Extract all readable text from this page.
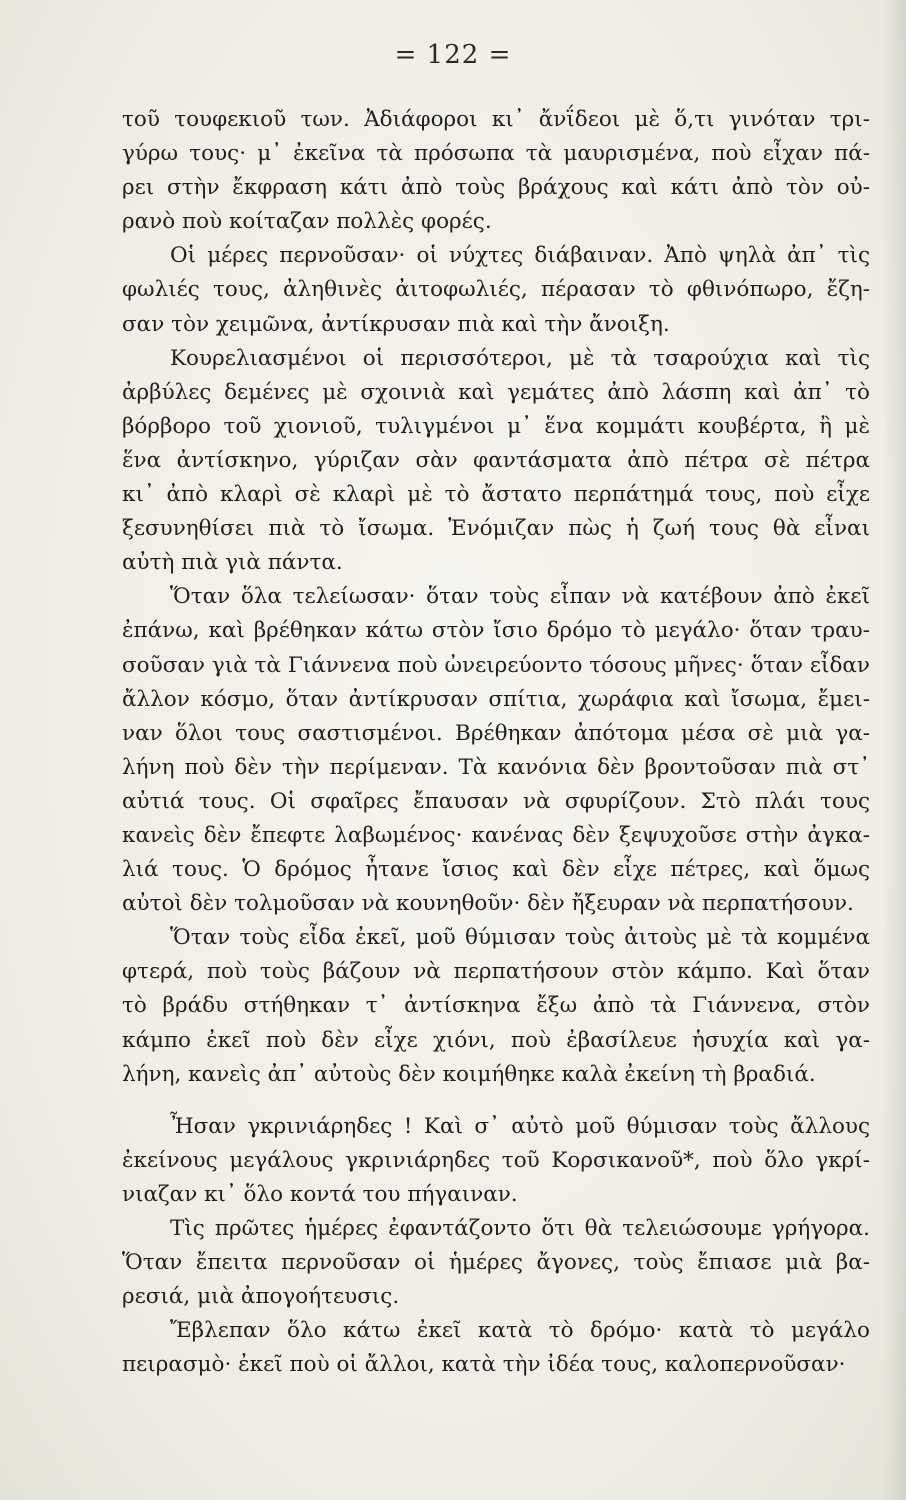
= 122 =
τοῦ τουφεκιοῦ των. Ἀδιάφοροι κι᾿ ἄνΐδεοι μὲ ὅ,τι γινόταν τρι-
γύρω τους· μ᾿ ἐκεῖνα τὰ πρόσωπα τὰ μαυρισμένα, ποὺ εἶχαν πά-
ρει στὴν ἔκφραση κάτι ἀπὸ τοὺς βράχους καὶ κάτι ἀπὸ τὸν οὐ-
ρανὸ ποὺ κοίταζαν πολλὲς φορές.
Οἱ μέρες περνοῦσαν· οἱ νύχτες διάβαιναν. Ἀπὸ ψηλὰ ἀπ᾿ τὶς
φωλιές τους, ἀληθινὲς ἀιτοφωλιές, πέρασαν τὸ φθινόπωρο, ἔζη-
σαν τὸν χειμῶνα, ἀντίκρυσαν πιὰ καὶ τὴν ἄνοιξη.
Κουρελιασμένοι οἱ περισσότεροι, μὲ τὰ τσαρούχια καὶ τὶς
ἀρβύλες δεμένες μὲ σχοινιὰ καὶ γεμάτες ἀπὸ λάσπη καὶ ἀπ᾿ τὸ
βόρβορο τοῦ χιονιοῦ, τυλιγμένοι μ᾿ ἕνα κομμάτι κουβέρτα, ἢ μὲ
ἕνα ἀντίσκηνο, γύριζαν σὰν φαντάσματα ἀπὸ πέτρα σὲ πέτρα
κι᾿ ἀπὸ κλαρὶ σὲ κλαρὶ μὲ τὸ ἄστατο περπάτημά τους, ποὺ εἶχε
ξεσυνηθίσει πιὰ τὸ ἴσωμα. Ἐνόμιζαν πὼς ἡ ζωή τους θὰ εἶναι
αὐτὴ πιὰ γιὰ πάντα.
Ὅταν ὅλα τελείωσαν· ὅταν τοὺς εἶπαν νὰ κατέβουν ἀπὸ ἐκεῖ
ἐπάνω, καὶ βρέθηκαν κάτω στὸν ἴσιο δρόμο τὸ μεγάλο· ὅταν τραυ-
σοῦσαν γιὰ τὰ Γιάννενα ποὺ ὠνειρεύοντο τόσους μῆνες· ὅταν εἶδαν
ἄλλον κόσμο, ὅταν ἀντίκρυσαν σπίτια, χωράφια καὶ ἴσωμα, ἔμει-
ναν ὅλοι τους σαστισμένοι. Βρέθηκαν ἀπότομα μέσα σὲ μιὰ γα-
λήνη ποὺ δὲν τὴν περίμεναν. Τὰ κανόνια δὲν βροντοῦσαν πιὰ στ᾿
αὐτιά τους. Οἱ σφαῖρες ἔπαυσαν νὰ σφυρίζουν. Στὸ πλάι τους
κανεὶς δὲν ἔπεφτε λαβωμένος· κανένας δὲν ξεψυχοῦσε στὴν ἀγκα-
λιά τους. Ὁ δρόμος ἦτανε ἴσιος καὶ δὲν εἶχε πέτρες, καὶ ὅμως
αὐτοὶ δὲν τολμοῦσαν νὰ κουνηθοῦν· δὲν ἤξευραν νὰ περπατήσουν.
Ὅταν τοὺς εἶδα ἐκεῖ, μοῦ θύμισαν τοὺς ἀιτοὺς μὲ τὰ κομμένα
φτερά, ποὺ τοὺς βάζουν νὰ περπατήσουν στὸν κάμπο. Καὶ ὅταν
τὸ βράδυ στήθηκαν τ᾿ ἀντίσκηνα ἔξω ἀπὸ τὰ Γιάννενα, στὸν
κάμπο ἐκεῖ ποὺ δὲν εἶχε χιόνι, ποὺ ἐβασίλευε ἡσυχία καὶ γα-
λήνη, κανεὶς ἀπ᾿ αὐτοὺς δὲν κοιμήθηκε καλὰ ἐκείνη τὴ βραδιά.
Ἦσαν γκρινιάρηδες ! Καὶ σ᾿ αὐτὸ μοῦ θύμισαν τοὺς ἄλλους
ἐκείνους μεγάλους γκρινιάρηδες τοῦ Κορσικανοῦ*, ποὺ ὅλο γκρί-
νιαζαν κι᾿ ὅλο κοντά του πήγαιναν.
Τὶς πρῶτες ἡμέρες ἐφαντάζοντο ὅτι θὰ τελειώσουμε γρήγορα.
Ὅταν ἔπειτα περνοῦσαν οἱ ἡμέρες ἄγονες, τοὺς ἔπιασε μιὰ βα-
ρεσιά, μιὰ ἀπογοήτευσις.
Ἔβλεπαν ὅλο κάτω ἐκεῖ κατὰ τὸ δρόμο· κατὰ τὸ μεγάλο
πειρασμὸ· ἐκεῖ ποὺ οἱ ἄλλοι, κατὰ τὴν ἰδέα τους, καλοπερνοῦσαν·
